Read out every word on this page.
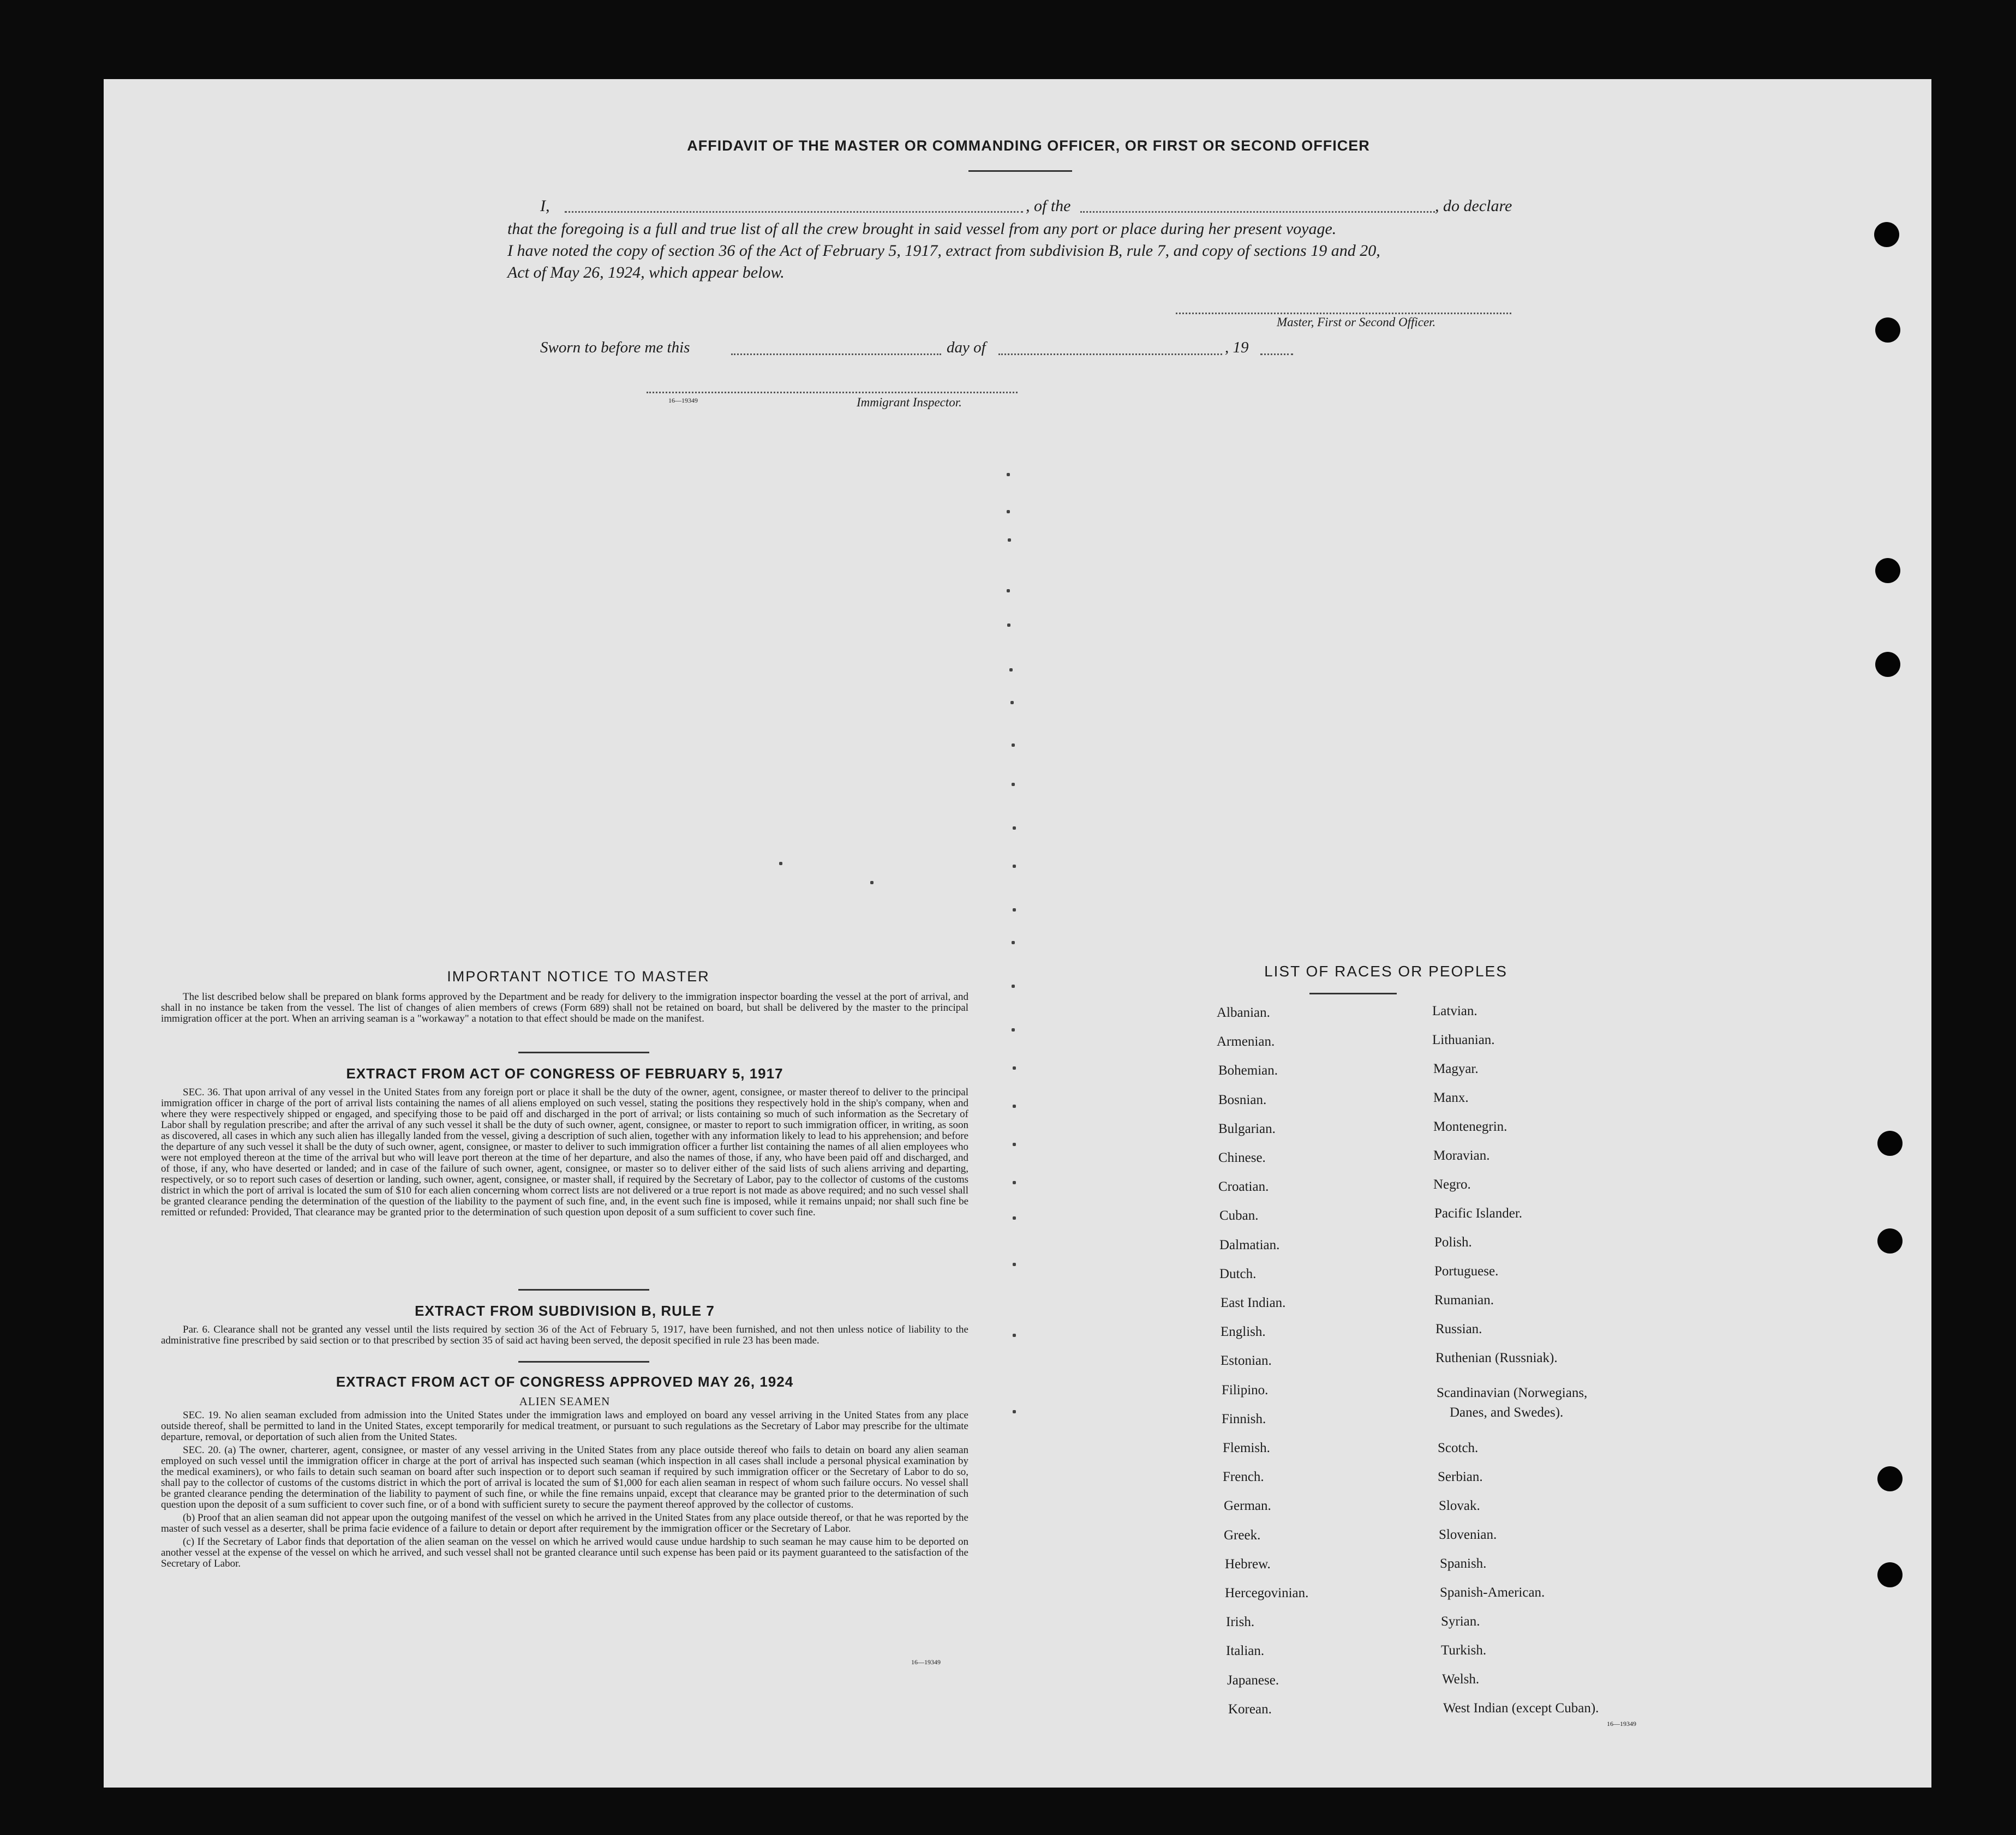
AFFIDAVIT OF THE MASTER OR COMMANDING OFFICER, OR FIRST OR SECOND OFFICER
I,	, of the	, do declare
that the foregoing is a full and true list of all the crew brought in said vessel from any port or place during her present voyage.
I have noted the copy of section 36 of the Act of February 5, 1917, extract from subdivision B, rule 7, and copy of sections 19 and 20,
Act of May 26, 1924, which appear below.
Master, First or Second Officer.
Sworn to before me this	day of	, 19
16—19349	Immigrant Inspector.
IMPORTANT NOTICE TO MASTER

The list described below shall be prepared on blank forms approved by the Department and be ready for delivery to the immigration inspector boarding the vessel at the port of arrival, and shall in no instance be taken from the vessel. The list of changes of alien members of crews (Form 689) shall not be retained on board, but shall be delivered by the master to the principal immigration officer at the port. When an arriving seaman is a "workaway" a notation to that effect should be made on the manifest.

EXTRACT FROM ACT OF CONGRESS OF FEBRUARY 5, 1917

SEC. 36. That upon arrival of any vessel in the United States from any foreign port or place it shall be the duty of the owner, agent, consignee, or master thereof to deliver to the principal immigration officer in charge of the port of arrival lists containing the names of all aliens employed on such vessel, stating the positions they respectively hold in the ship's company, when and where they were respectively shipped or engaged, and specifying those to be paid off and discharged in the port of arrival; or lists containing so much of such information as the Secretary of Labor shall by regulation prescribe; and after the arrival of any such vessel it shall be the duty of such owner, agent, consignee, or master to report to such immigration officer, in writing, as soon as discovered, all cases in which any such alien has illegally landed from the vessel, giving a description of such alien, together with any information likely to lead to his apprehension; and before the departure of any such vessel it shall be the duty of such owner, agent, consignee, or master to deliver to such immigration officer a further list containing the names of all alien employees who were not employed thereon at the time of the arrival but who will leave port thereon at the time of her departure, and also the names of those, if any, who have been paid off and discharged, and of those, if any, who have deserted or landed; and in case of the failure of such owner, agent, consignee, or master so to deliver either of the said lists of such aliens arriving and departing, respectively, or so to report such cases of desertion or landing, such owner, agent, consignee, or master shall, if required by the Secretary of Labor, pay to the collector of customs of the customs district in which the port of arrival is located the sum of $10 for each alien concerning whom correct lists are not delivered or a true report is not made as above required; and no such vessel shall be granted clearance pending the determination of the question of the liability to the payment of such fine, and, in the event such fine is imposed, while it remains unpaid; nor shall such fine be remitted or refunded: Provided, That clearance may be granted prior to the determination of such question upon deposit of a sum sufficient to cover such fine.

EXTRACT FROM SUBDIVISION B, RULE 7

Par. 6. Clearance shall not be granted any vessel until the lists required by section 36 of the Act of February 5, 1917, have been furnished, and not then unless notice of liability to the administrative fine prescribed by said section or to that prescribed by section 35 of said act having been served, the deposit specified in rule 23 has been made.

EXTRACT FROM ACT OF CONGRESS APPROVED MAY 26, 1924
ALIEN SEAMEN

SEC. 19. No alien seaman excluded from admission into the United States under the immigration laws and employed on board any vessel arriving in the United States from any place outside thereof, shall be permitted to land in the United States, except temporarily for medical treatment, or pursuant to such regulations as the Secretary of Labor may prescribe for the ultimate departure, removal, or deportation of such alien from the United States.

SEC. 20. (a) The owner, charterer, agent, consignee, or master of any vessel arriving in the United States from any place outside thereof who fails to detain on board any alien seaman employed on such vessel until the immigration officer in charge at the port of arrival has inspected such seaman (which inspection in all cases shall include a personal physical examination by the medical examiners), or who fails to detain such seaman on board after such inspection or to deport such seaman if required by such immigration officer or the Secretary of Labor to do so, shall pay to the collector of customs of the customs district in which the port of arrival is located the sum of $1,000 for each alien seaman in respect of whom such failure occurs. No vessel shall be granted clearance pending the determination of the liability to payment of such fine, or while the fine remains unpaid, except that clearance may be granted prior to the determination of such question upon the deposit of a sum sufficient to cover such fine, or of a bond with sufficient surety to secure the payment thereof approved by the collector of customs.

(b) Proof that an alien seaman did not appear upon the outgoing manifest of the vessel on which he arrived in the United States from any place outside thereof, or that he was reported by the master of such vessel as a deserter, shall be prima facie evidence of a failure to detain or deport after requirement by the immigration officer or the Secretary of Labor.

(c) If the Secretary of Labor finds that deportation of the alien seaman on the vessel on which he arrived would cause undue hardship to such seaman he may cause him to be deported on another vessel at the expense of the vessel on which he arrived, and such vessel shall not be granted clearance until such expense has been paid or its payment guaranteed to the satisfaction of the Secretary of Labor.

16—19349
LIST OF RACES OR PEOPLES
Albanian.
Armenian.
Bohemian.
Bosnian.
Bulgarian.
Chinese.
Croatian.
Cuban.
Dalmatian.
Dutch.
East Indian.
English.
Estonian.
Filipino.
Finnish.
Flemish.
French.
German.
Greek.
Hebrew.
Hercegovinian.
Irish.
Italian.
Japanese.
Korean.
Latvian.
Lithuanian.
Magyar.
Manx.
Montenegrin.
Moravian.
Negro.
Pacific Islander.
Polish.
Portuguese.
Rumanian.
Russian.
Ruthenian (Russniak).
Scandinavian (Norwegians,
Danes, and Swedes).
Scotch.
Serbian.
Slovak.
Slovenian.
Spanish.
Spanish-American.
Syrian.
Turkish.
Welsh.
West Indian (except Cuban).
16—19349
